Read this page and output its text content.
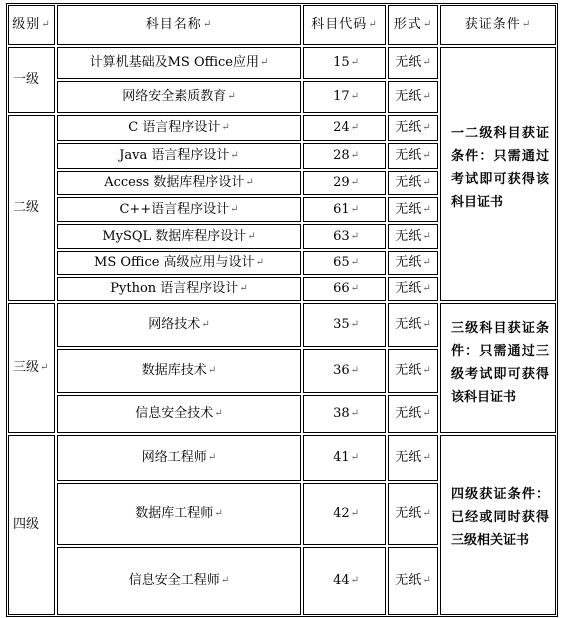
级别 ↵	科目名称 ↵	科目代码 ↵ 形式 ↵	获证条件 ↵
一级
计算机基础及MS Office应用 ↵	15 ↵	无纸 ↵
网络安全素质教育 ↵	17 ↵	无纸 ↵
二级
C 语言程序设计 ↵	24 ↵	无纸 ↵
Java 语言程序设计 ↵	28 ↵	无纸 ↵
Access 数据库程序设计 ↵	29 ↵	无纸 ↵
C++语言程序设计 ↵	61 ↵	无纸 ↵
MySQL 数据库程序设计 ↵	63 ↵	无纸 ↵
MS Office 高级应用与设计 ↵	65 ↵	无纸 ↵
Python 语言程序设计 ↵	66 ↵	无纸 ↵
三级 ↵
网络技术 ↵	35 ↵	无纸 ↵
数据库技术 ↵	36 ↵	无纸 ↵
信息安全技术 ↵	38 ↵	无纸 ↵
四级
网络工程师 ↵	41 ↵	无纸 ↵
数据库工程师 ↵	42 ↵	无纸 ↵
信息安全工程师 ↵	44 ↵	无纸 ↵
一二级科目获证条件：只需通过考试即可获得该科目证书
三级科目获证条件：只需通过三级考试即可获得该科目证书
四级获证条件：已经或同时获得三级相关证书
